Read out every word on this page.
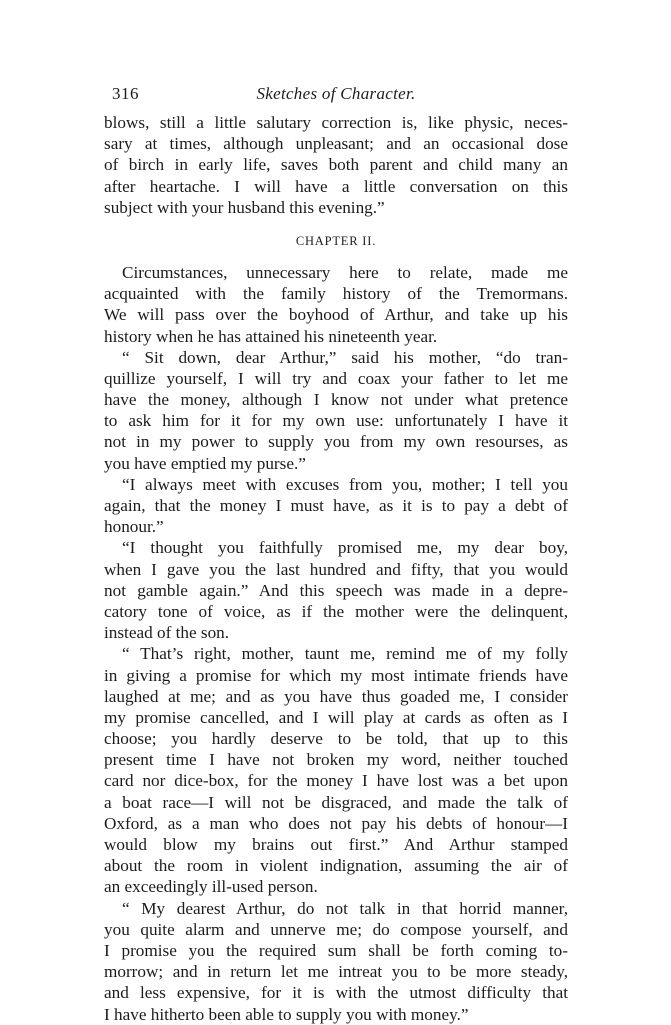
316	Sketches of Character.
blows, still a little salutary correction is, like physic, neces-
sary at times, although unpleasant; and an occasional dose
of birch in early life, saves both parent and child many an
after heartache. I will have a little conversation on this
subject with your husband this evening.”
CHAPTER II.
Circumstances, unnecessary here to relate, made me
acquainted with the family history of the Tremormans.
We will pass over the boyhood of Arthur, and take up his
history when he has attained his nineteenth year.
“ Sit down, dear Arthur,” said his mother, “do tran-
quillize yourself, I will try and coax your father to let me
have the money, although I know not under what pretence
to ask him for it for my own use: unfortunately I have it
not in my power to supply you from my own resourses, as
you have emptied my purse.”
“I always meet with excuses from you, mother; I tell you
again, that the money I must have, as it is to pay a debt of
honour.”
“I thought you faithfully promised me, my dear boy,
when I gave you the last hundred and fifty, that you would
not gamble again.” And this speech was made in a depre-
catory tone of voice, as if the mother were the delinquent,
instead of the son.
“ That’s right, mother, taunt me, remind me of my folly
in giving a promise for which my most intimate friends have
laughed at me; and as you have thus goaded me, I consider
my promise cancelled, and I will play at cards as often as I
choose; you hardly deserve to be told, that up to this
present time I have not broken my word, neither touched
card nor dice-box, for the money I have lost was a bet upon
a boat race—I will not be disgraced, and made the talk of
Oxford, as a man who does not pay his debts of honour—I
would blow my brains out first.” And Arthur stamped
about the room in violent indignation, assuming the air of
an exceedingly ill-used person.
“ My dearest Arthur, do not talk in that horrid manner,
you quite alarm and unnerve me; do compose yourself, and
I promise you the required sum shall be forth coming to-
morrow; and in return let me intreat you to be more steady,
and less expensive, for it is with the utmost difficulty that
I have hitherto been able to supply you with money.”
